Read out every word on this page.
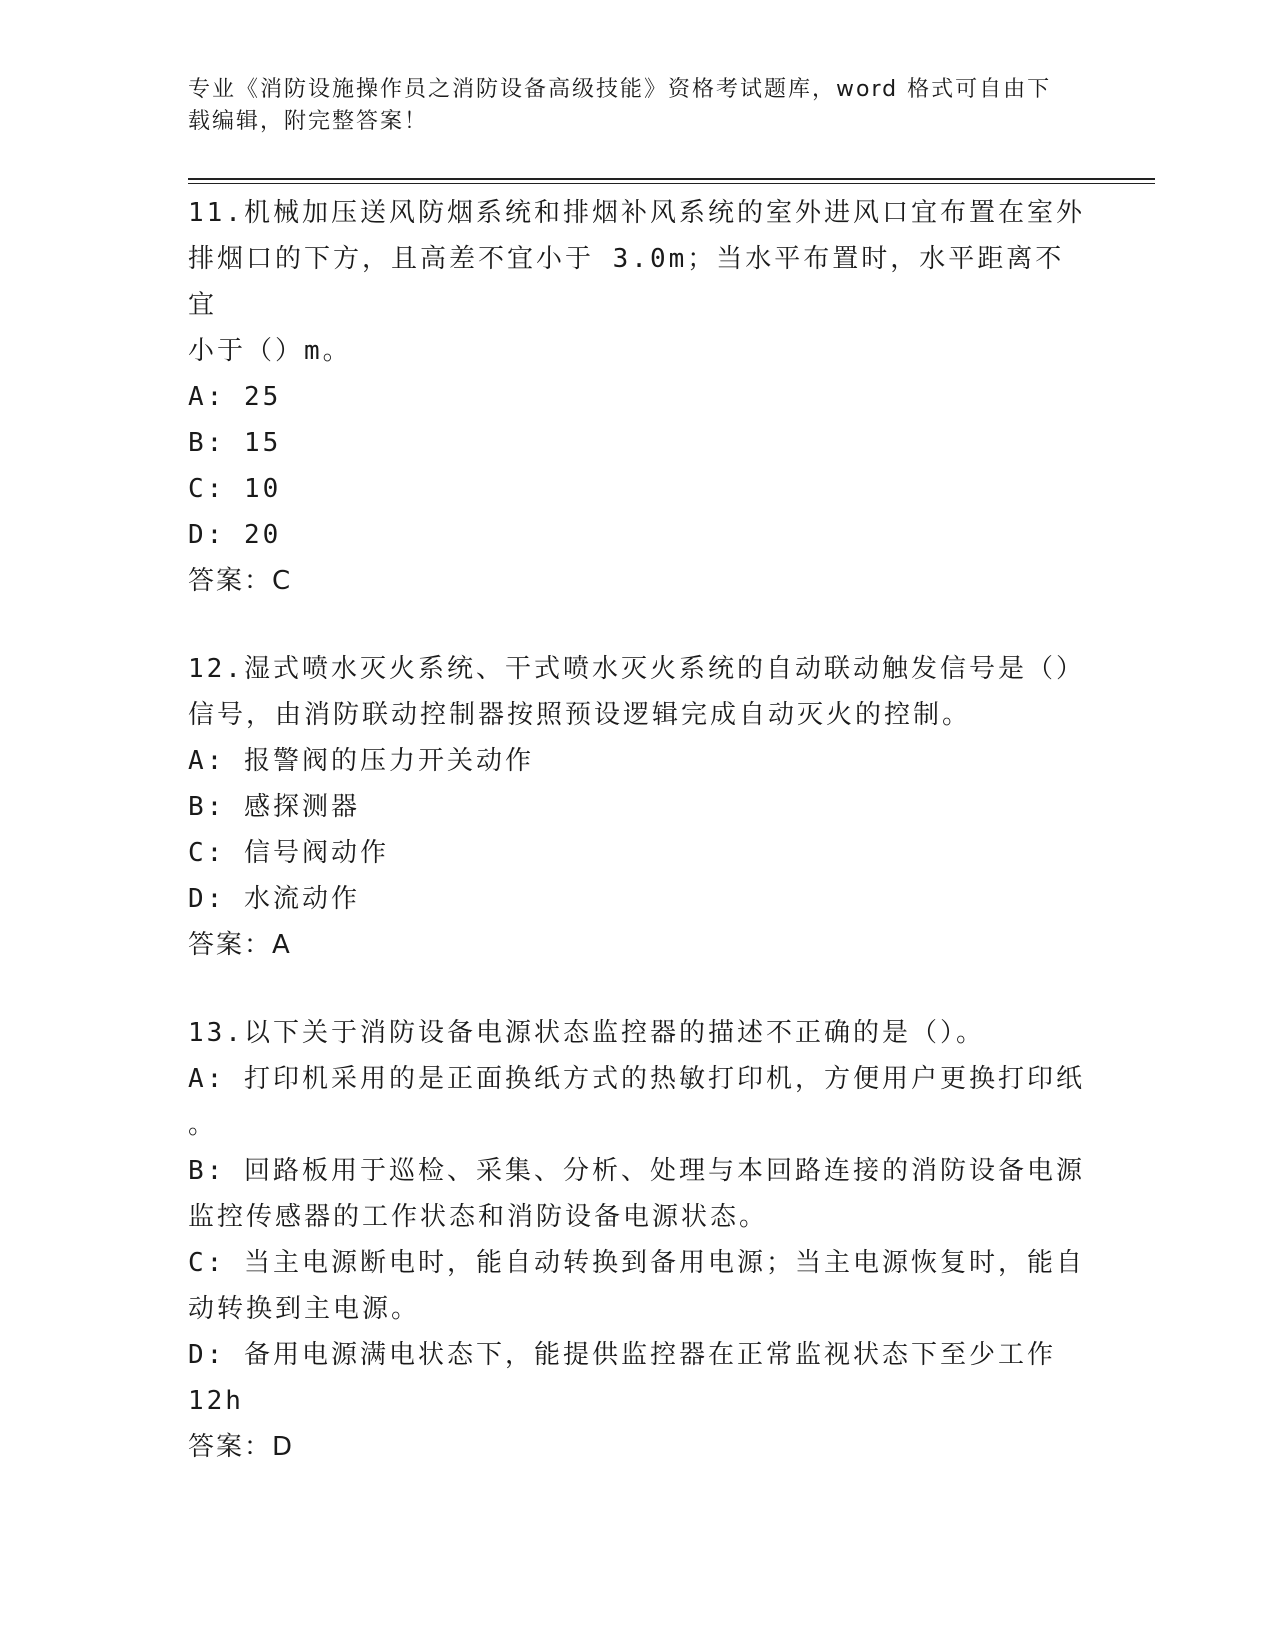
专业《消防设施操作员之消防设备高级技能》资格考试题库，word 格式可自由下
载编辑，附完整答案！

11.机械加压送风防烟系统和排烟补风系统的室外进风口宜布置在室外

排烟口的下方，且高差不宜小于 3.0m；当水平布置时，水平距离不宜

小于（）m。

A: 25

B: 15

C: 10

D: 20

答案：C

12.湿式喷水灭火系统、干式喷水灭火系统的自动联动触发信号是（）

信号，由消防联动控制器按照预设逻辑完成自动灭火的控制。

A: 报警阀的压力开关动作

B: 感探测器

C: 信号阀动作

D: 水流动作

答案：A

13.以下关于消防设备电源状态监控器的描述不正确的是（）。

A: 打印机采用的是正面换纸方式的热敏打印机，方便用户更换打印纸

。

B: 回路板用于巡检、采集、分析、处理与本回路连接的消防设备电源

监控传感器的工作状态和消防设备电源状态。

C: 当主电源断电时，能自动转换到备用电源；当主电源恢复时，能自

动转换到主电源。

D: 备用电源满电状态下，能提供监控器在正常监视状态下至少工作

12h

答案：D
